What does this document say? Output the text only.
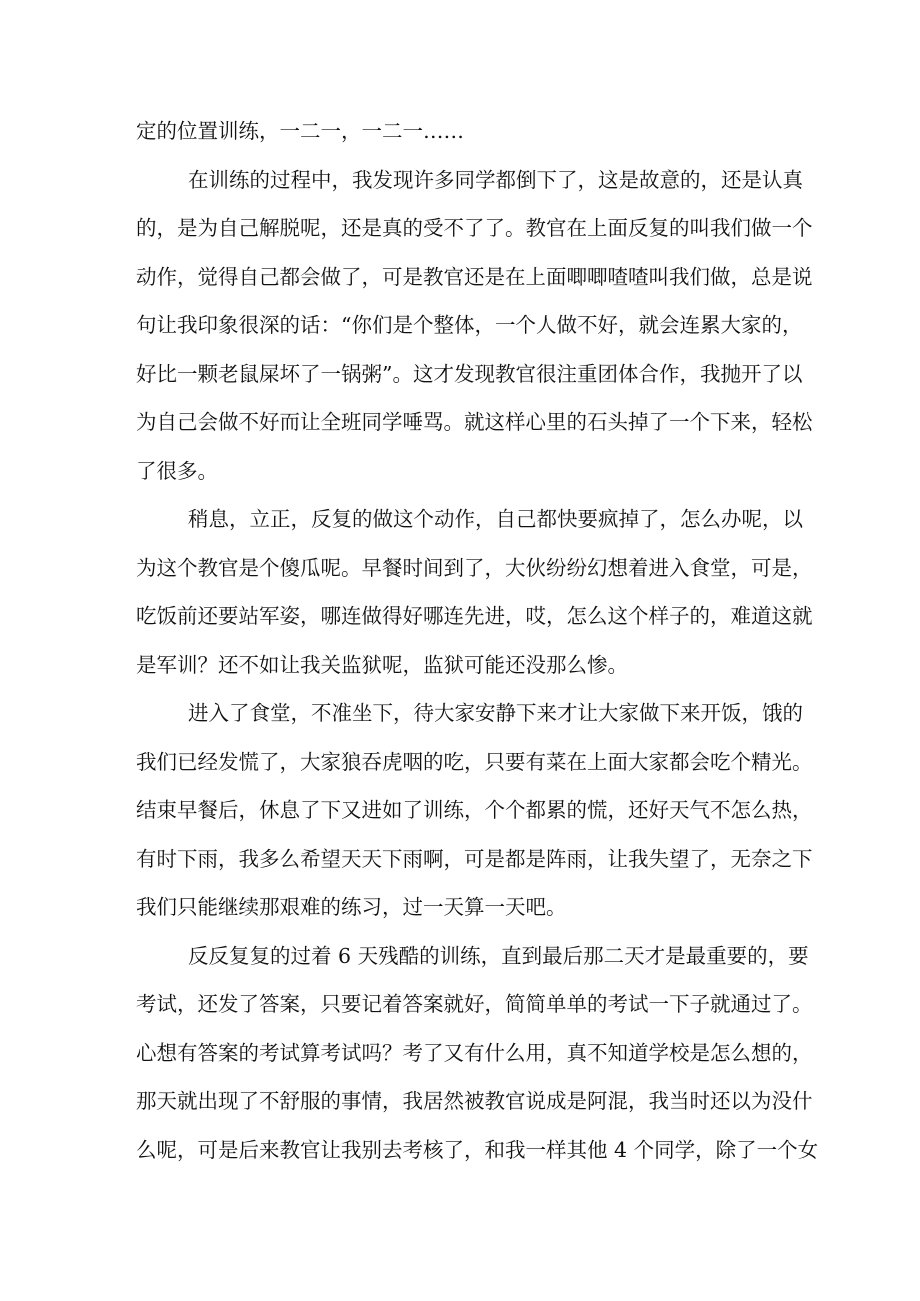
定的位置训练，一二一，一二一……
在训练的过程中，我发现许多同学都倒下了，这是故意的，还是认真
的，是为自己解脱呢，还是真的受不了了。教官在上面反复的叫我们做一个
动作，觉得自己都会做了，可是教官还是在上面唧唧喳喳叫我们做，总是说
句让我印象很深的话：“你们是个整体，一个人做不好，就会连累大家的，
好比一颗老鼠屎坏了一锅粥”。这才发现教官很注重团体合作，我抛开了以
为自己会做不好而让全班同学唾骂。就这样心里的石头掉了一个下来，轻松
了很多。
稍息，立正，反复的做这个动作，自己都快要疯掉了，怎么办呢，以
为这个教官是个傻瓜呢。早餐时间到了，大伙纷纷幻想着进入食堂，可是，
吃饭前还要站军姿，哪连做得好哪连先进，哎，怎么这个样子的，难道这就
是军训？还不如让我关监狱呢，监狱可能还没那么惨。
进入了食堂，不准坐下，待大家安静下来才让大家做下来开饭，饿的
我们已经发慌了，大家狼吞虎咽的吃，只要有菜在上面大家都会吃个精光。
结束早餐后，休息了下又进如了训练，个个都累的慌，还好天气不怎么热，
有时下雨，我多么希望天天下雨啊，可是都是阵雨，让我失望了，无奈之下
我们只能继续那艰难的练习，过一天算一天吧。
反反复复的过着 6 天残酷的训练，直到最后那二天才是最重要的，要
考试，还发了答案，只要记着答案就好，简简单单的考试一下子就通过了。
心想有答案的考试算考试吗？考了又有什么用，真不知道学校是怎么想的，
那天就出现了不舒服的事情，我居然被教官说成是阿混，我当时还以为没什
么呢，可是后来教官让我别去考核了，和我一样其他 4 个同学，除了一个女
